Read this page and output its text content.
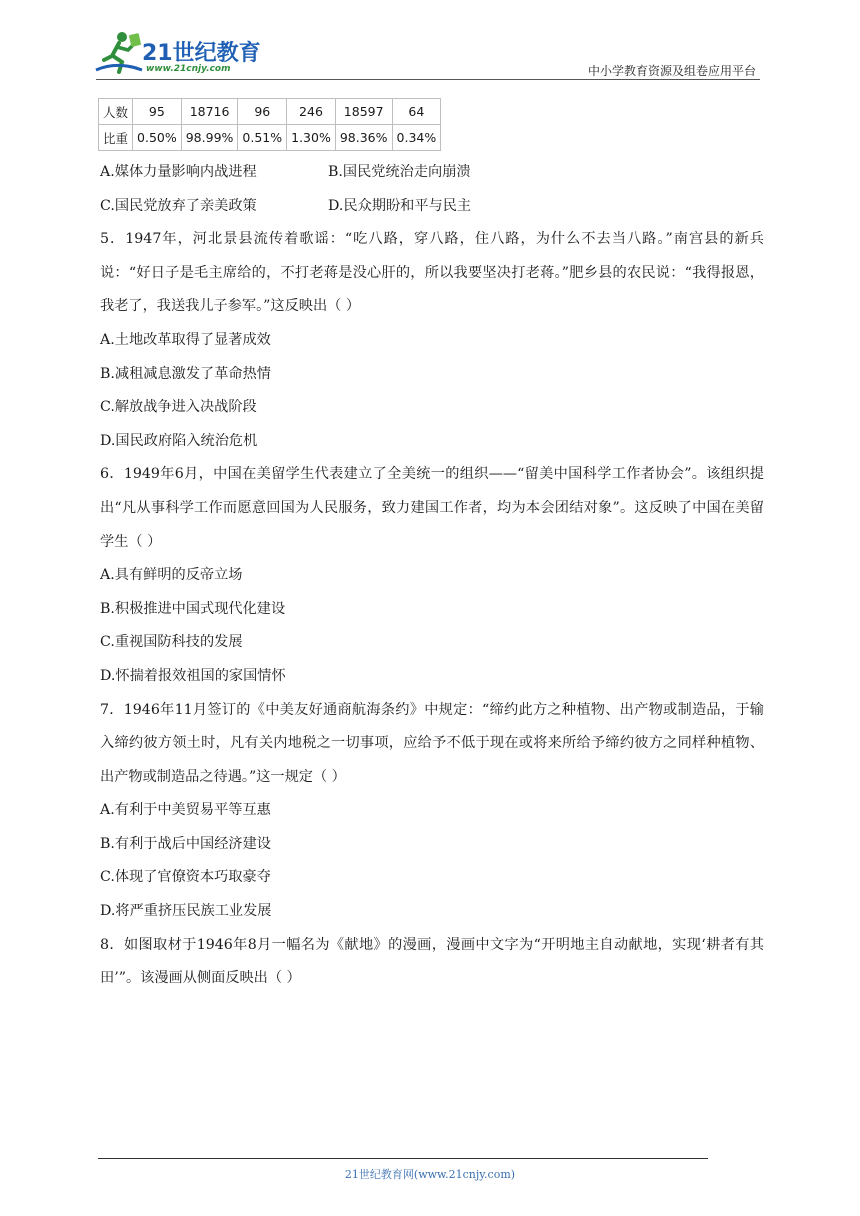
21世纪教育
www.21cnjy.com	中小学教育资源及组卷应用平台
人数	95	18716	96	246	18597	64
比重	0.50%	98.99%	0.51%	1.30%	98.36%	0.34%
A.媒体力量影响内战进程	B.国民党统治走向崩溃
C.国民党放弃了亲美政策	D.民众期盼和平与民主
5．1947年，河北景县流传着歌谣：“吃八路，穿八路，住八路，为什么不去当八路。”南宫县的新兵说：“好日子是毛主席给的，不打老蒋是没心肝的，所以我要坚决打老蒋。”肥乡县的农民说：“我得报恩，我老了，我送我儿子参军。”这反映出（ ）
A.土地改革取得了显著成效
B.减租减息激发了革命热情
C.解放战争进入决战阶段
D.国民政府陷入统治危机
6．1949年6月，中国在美留学生代表建立了全美统一的组织——“留美中国科学工作者协会”。该组织提出“凡从事科学工作而愿意回国为人民服务，致力建国工作者，均为本会团结对象”。这反映了中国在美留学生（ ）
A.具有鲜明的反帝立场
B.积极推进中国式现代化建设
C.重视国防科技的发展
D.怀揣着报效祖国的家国情怀
7．1946年11月签订的《中美友好通商航海条约》中规定：“缔约此方之种植物、出产物或制造品，于输入缔约彼方领土时，凡有关内地税之一切事项，应给予不低于现在或将来所给予缔约彼方之同样种植物、出产物或制造品之待遇。”这一规定（ ）
A.有利于中美贸易平等互惠
B.有利于战后中国经济建设
C.体现了官僚资本巧取豪夺
D.将严重挤压民族工业发展
8．如图取材于1946年8月一幅名为《献地》的漫画，漫画中文字为“开明地主自动献地，实现‘耕者有其田’”。该漫画从侧面反映出（ ）
21世纪教育网(www.21cnjy.com)
